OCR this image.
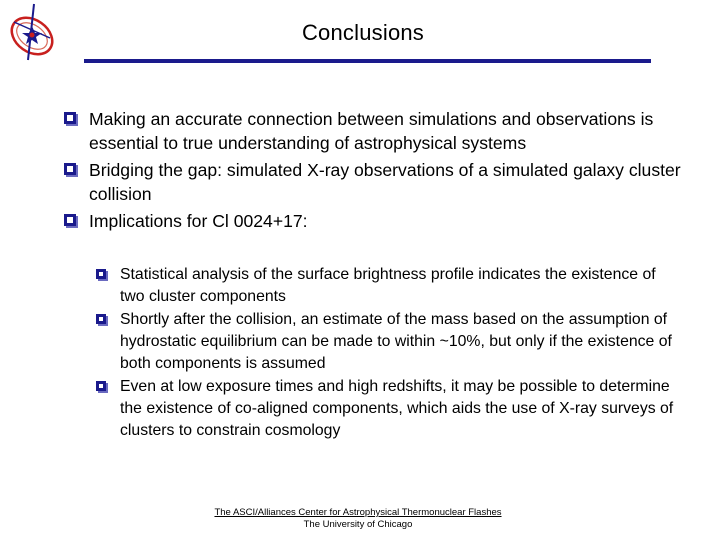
Conclusions
Making an accurate connection between simulations and observations is essential to true understanding of astrophysical systems
Bridging the gap: simulated X-ray observations of a simulated galaxy cluster collision
Implications for Cl 0024+17:
Statistical analysis of the surface brightness profile indicates the existence of two cluster components
Shortly after the collision, an estimate of the mass based on the assumption of hydrostatic equilibrium can be made to within ~10%, but only if the existence of both components is assumed
Even at low exposure times and high redshifts, it may be possible to determine the existence of co-aligned components, which aids the use of X-ray surveys of clusters to constrain cosmology
The ASCI/Alliances Center for Astrophysical Thermonuclear Flashes
The University of Chicago
